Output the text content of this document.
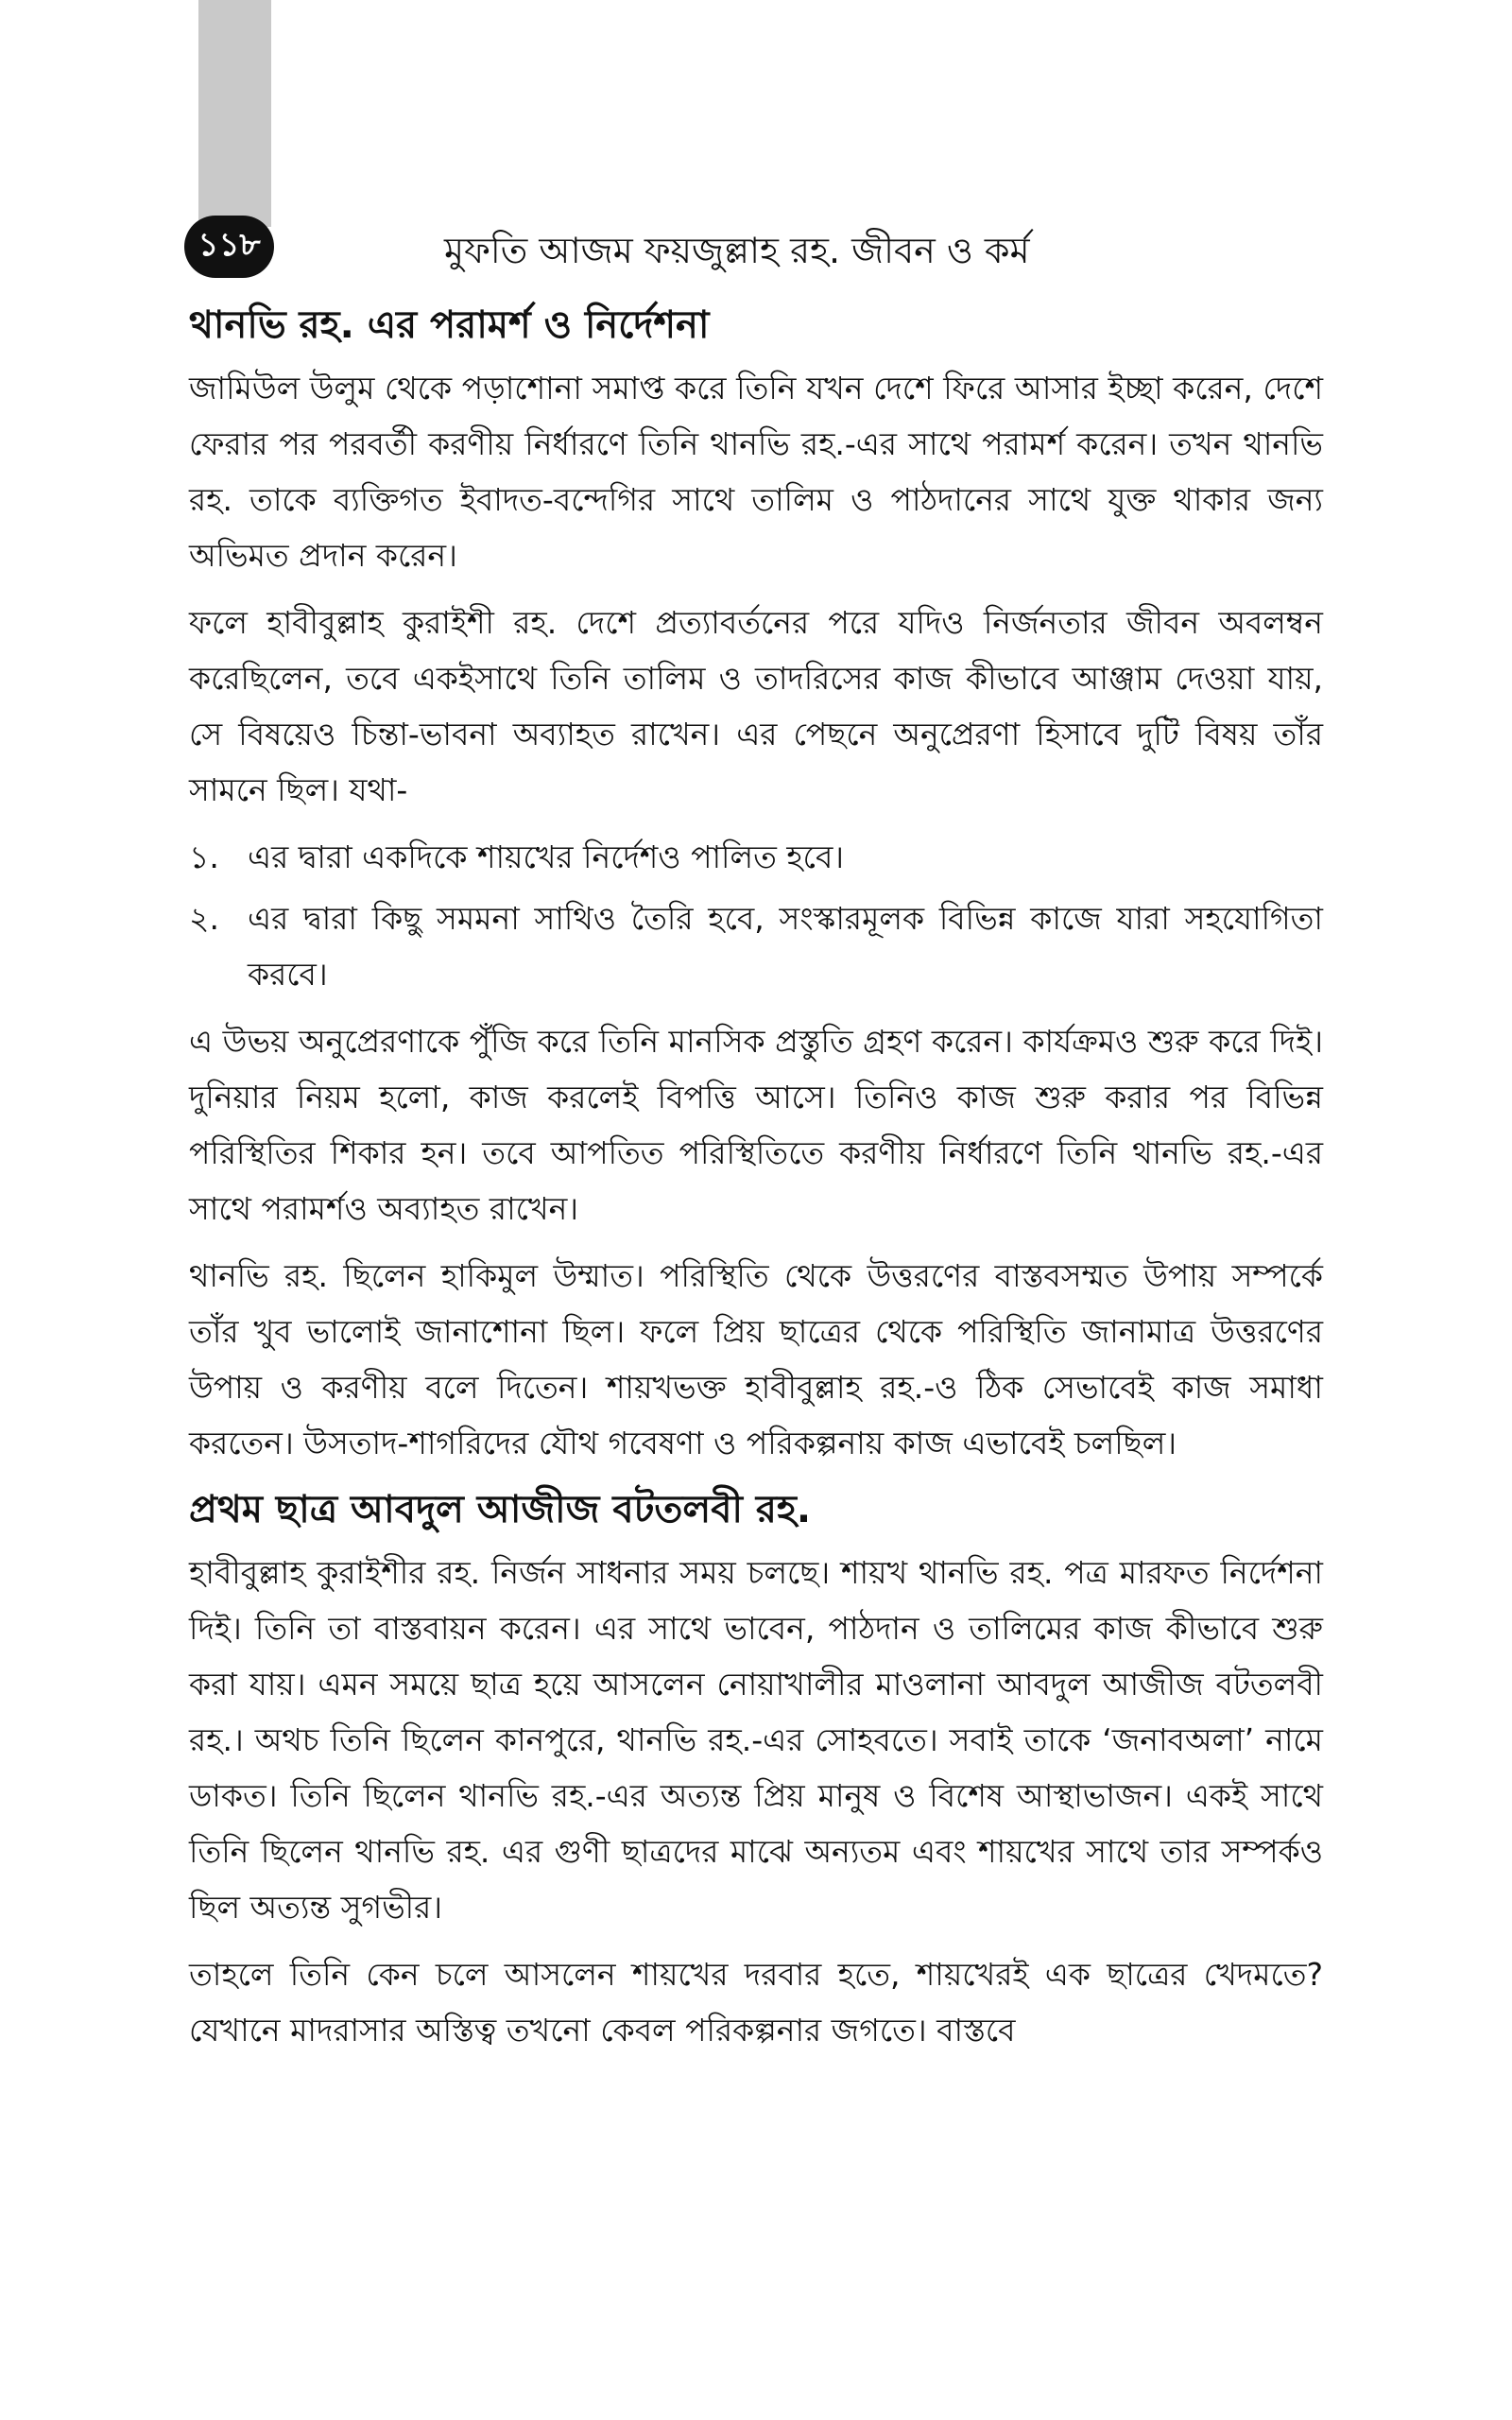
১১৮	মুফতি আজম ফয়জুল্লাহ রহ. জীবন ও কর্ম
থানভি রহ. এর পরামর্শ ও নির্দেশনা

জামিউল উলুম থেকে পড়াশোনা সমাপ্ত করে তিনি যখন দেশে ফিরে আসার ইচ্ছা করেন, দেশে ফেরার পর পরবর্তী করণীয় নির্ধারণে তিনি থানভি রহ.-এর সাথে পরামর্শ করেন। তখন থানভি রহ. তাকে ব্যক্তিগত ইবাদত-বন্দেগির সাথে তালিম ও পাঠদানের সাথে যুক্ত থাকার জন্য অভিমত প্রদান করেন।

ফলে হাবীবুল্লাহ কুরাইশী রহ. দেশে প্রত্যাবর্তনের পরে যদিও নির্জনতার জীবন অবলম্বন করেছিলেন, তবে একইসাথে তিনি তালিম ও তাদরিসের কাজ কীভাবে আঞ্জাম দেওয়া যায়, সে বিষয়েও চিন্তা-ভাবনা অব্যাহত রাখেন। এর পেছনে অনুপ্রেরণা হিসাবে দুটি বিষয় তাঁর সামনে ছিল। যথা-

১. এর দ্বারা একদিকে শায়খের নির্দেশও পালিত হবে।
২. এর দ্বারা কিছু সমমনা সাথিও তৈরি হবে, সংস্কারমূলক বিভিন্ন কাজে যারা সহযোগিতা করবে।

এ উভয় অনুপ্রেরণাকে পুঁজি করে তিনি মানসিক প্রস্তুতি গ্রহণ করেন। কার্যক্রমও শুরু করে দিই। দুনিয়ার নিয়ম হলো, কাজ করলেই বিপত্তি আসে। তিনিও কাজ শুরু করার পর বিভিন্ন পরিস্থিতির শিকার হন। তবে আপতিত পরিস্থিতিতে করণীয় নির্ধারণে তিনি থানভি রহ.-এর সাথে পরামর্শও অব্যাহত রাখেন।

থানভি রহ. ছিলেন হাকিমুল উম্মাত। পরিস্থিতি থেকে উত্তরণের বাস্তবসম্মত উপায় সম্পর্কে তাঁর খুব ভালোই জানাশোনা ছিল। ফলে প্রিয় ছাত্রের থেকে পরিস্থিতি জানামাত্র উত্তরণের উপায় ও করণীয় বলে দিতেন। শায়খভক্ত হাবীবুল্লাহ রহ.-ও ঠিক সেভাবেই কাজ সমাধা করতেন। উসতাদ-শাগরিদের যৌথ গবেষণা ও পরিকল্পনায় কাজ এভাবেই চলছিল।

প্রথম ছাত্র আবদুল আজীজ বটতলবী রহ.

হাবীবুল্লাহ কুরাইশীর রহ. নির্জন সাধনার সময় চলছে। শায়খ থানভি রহ. পত্র মারফত নির্দেশনা দিই। তিনি তা বাস্তবায়ন করেন। এর সাথে ভাবেন, পাঠদান ও তালিমের কাজ কীভাবে শুরু করা যায়। এমন সময়ে ছাত্র হয়ে আসলেন নোয়াখালীর মাওলানা আবদুল আজীজ বটতলবী রহ.। অথচ তিনি ছিলেন কানপুরে, থানভি রহ.-এর সোহবতে। সবাই তাকে ‘জনাবঅলা’ নামে ডাকত। তিনি ছিলেন থানভি রহ.-এর অত্যন্ত প্রিয় মানুষ ও বিশেষ আস্থাভাজন। একই সাথে তিনি ছিলেন থানভি রহ. এর গুণী ছাত্রদের মাঝে অন্যতম এবং শায়খের সাথে তার সম্পর্কও ছিল অত্যন্ত সুগভীর।

তাহলে তিনি কেন চলে আসলেন শায়খের দরবার হতে, শায়খেরই এক ছাত্রের খেদমতে? যেখানে মাদরাসার অস্তিত্ব তখনো কেবল পরিকল্পনার জগতে। বাস্তবে
